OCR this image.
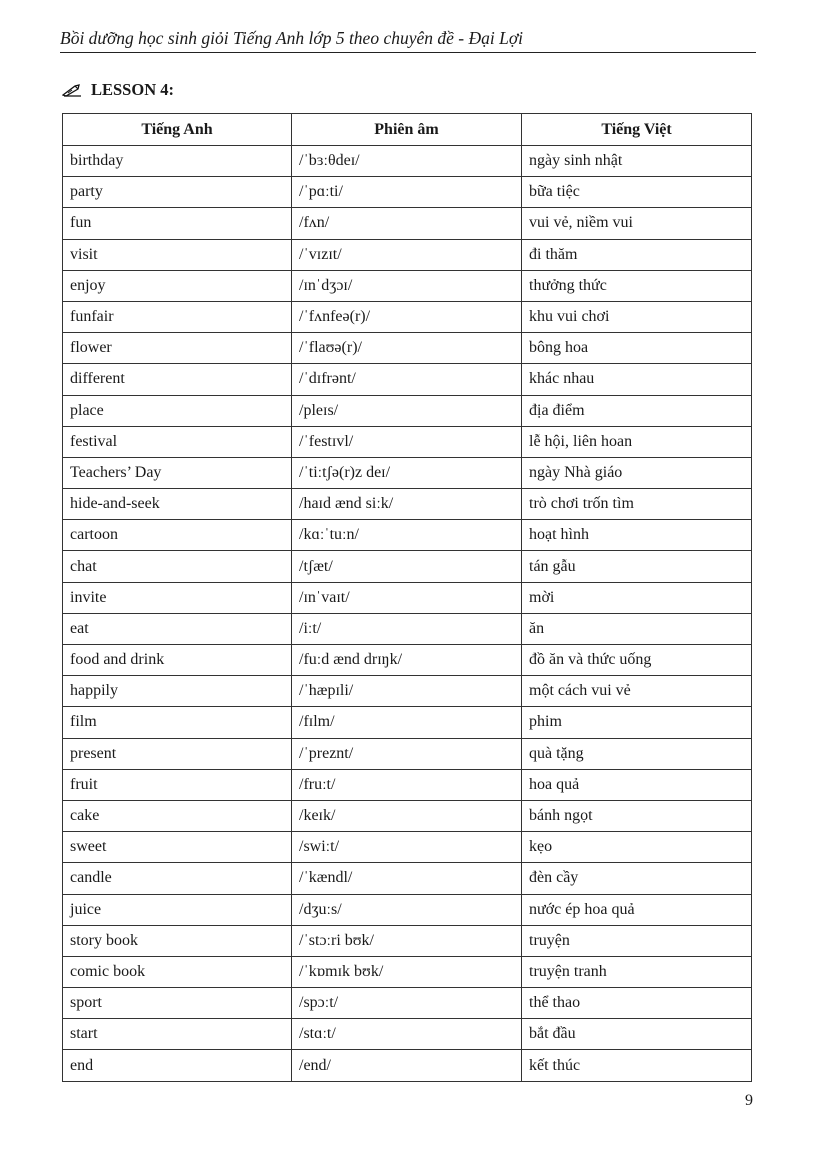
Bồi dưỡng học sinh giỏi Tiếng Anh lớp 5 theo chuyên đề - Đại Lợi
LESSON 4:
Tiếng Anh	Phiên âm	Tiếng Việt
birthday	/ˈbɜːθdeɪ/	ngày sinh nhật
party	/ˈpɑːti/	bữa tiệc
fun	/fʌn/	vui vẻ, niềm vui
visit	/ˈvɪzɪt/	đi thăm
enjoy	/ɪnˈdʒɔɪ/	thưởng thức
funfair	/ˈfʌnfeə(r)/	khu vui chơi
flower	/ˈflaʊə(r)/	bông hoa
different	/ˈdɪfrənt/	khác nhau
place	/pleɪs/	địa điểm
festival	/ˈfestɪvl/	lễ hội, liên hoan
Teachers’ Day	/ˈtiːtʃə(r)z deɪ/	ngày Nhà giáo
hide-and-seek	/haɪd ænd siːk/	trò chơi trốn tìm
cartoon	/kɑːˈtuːn/	hoạt hình
chat	/tʃæt/	tán gẫu
invite	/ɪnˈvaɪt/	mời
eat	/iːt/	ăn
food and drink	/fuːd ænd drɪŋk/	đồ ăn và thức uống
happily	/ˈhæpɪli/	một cách vui vẻ
film	/fɪlm/	phim
present	/ˈpreznt/	quà tặng
fruit	/fruːt/	hoa quả
cake	/keɪk/	bánh ngọt
sweet	/swiːt/	kẹo
candle	/ˈkændl/	đèn cầy
juice	/dʒuːs/	nước ép hoa quả
story book	/ˈstɔːri bʊk/	truyện
comic book	/ˈkɒmɪk bʊk/	truyện tranh
sport	/spɔːt/	thể thao
start	/stɑːt/	bắt đầu
end	/end/	kết thúc
9
